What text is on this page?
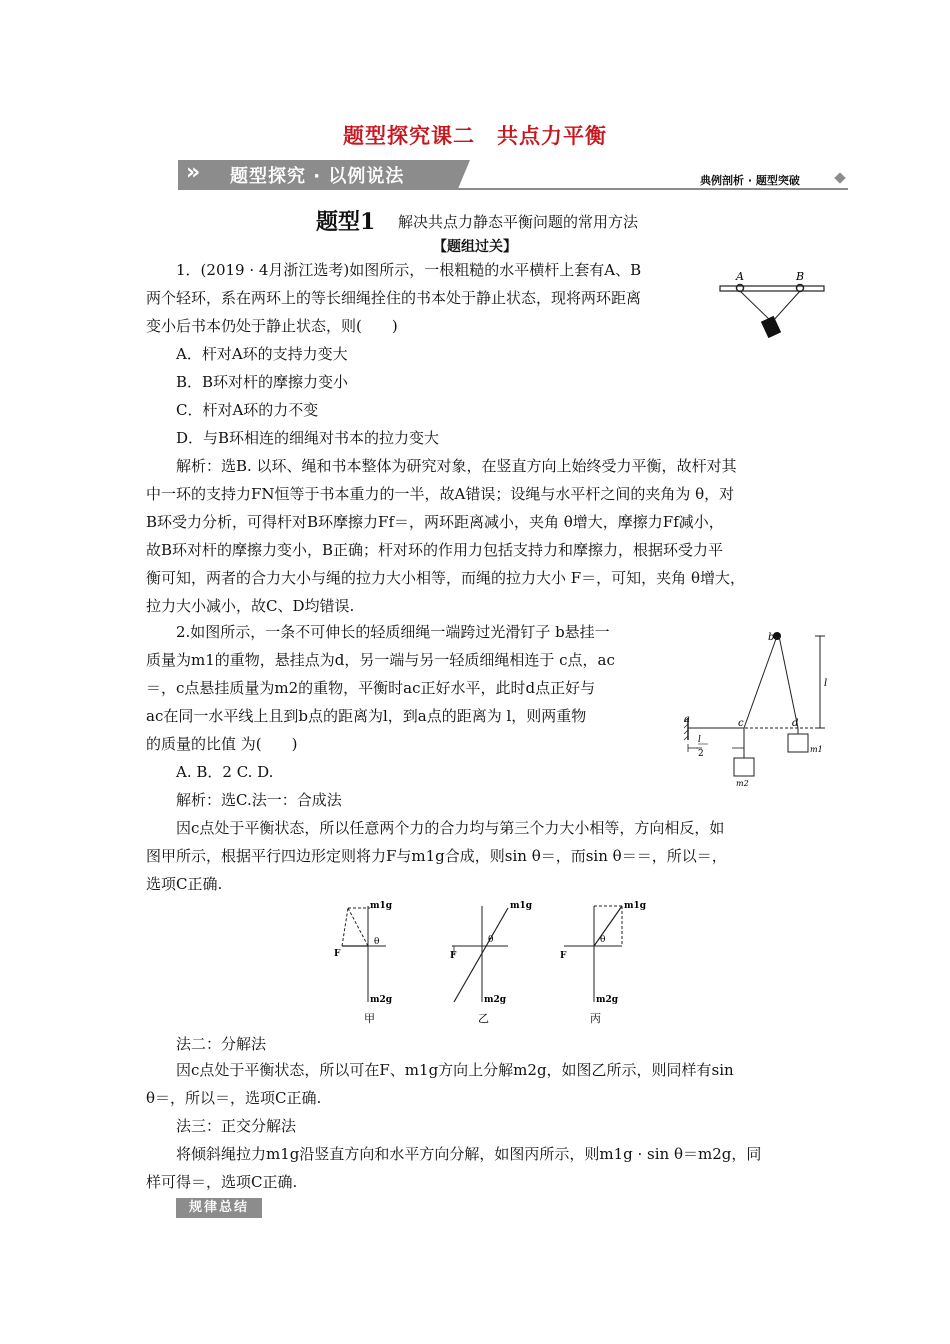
题型探究课二　共点力平衡
» 题型探究 · 以例说法	典例剖析 · 题型突破
题型1 解决共点力静态平衡问题的常用方法
【题组过关】
1．(2019 · 4月浙江选考)如图所示，一根粗糙的水平横杆上套有A、B
两个轻环，系在两环上的等长细绳拴住的书本处于静止状态，现将两环距离
变小后书本仍处于静止状态，则(　　)
A．杆对A环的支持力变大
B．B环对杆的摩擦力变小
C．杆对A环的力不变
D．与B环相连的细绳对书本的拉力变大
解析：选B. 以环、绳和书本整体为研究对象，在竖直方向上始终受力平衡，故杆对其
中一环的支持力FN恒等于书本重力的一半，故A错误；设绳与水平杆之间的夹角为 θ，对
B环受力分析，可得杆对B环摩擦力Ff＝，两环距离减小，夹角 θ增大，摩擦力Ff减小，
故B环对杆的摩擦力变小，B正确；杆对环的作用力包括支持力和摩擦力，根据环受力平
衡可知，两者的合力大小与绳的拉力大小相等，而绳的拉力大小 F＝，可知，夹角 θ增大，
拉力大小减小，故C、D均错误.
A	B
2.如图所示，一条不可伸长的轻质细绳一端跨过光滑钉子 b悬挂一
质量为m1的重物，悬挂点为d，另一端与另一轻质细绳相连于 c点，ac
＝，c点悬挂质量为m2的重物，平衡时ac正好水平，此时d点正好与
ac在同一水平线上且到b点的距离为l，到a点的距离为 l，则两重物
的质量的比值 为(　　)
A. B．2 C. D.
解析：选C.法一：合成法
因c点处于平衡状态，所以任意两个力的合力均与第三个力大小相等，方向相反，如
图甲所示，根据平行四边形定则将力F与m1g合成，则sin θ＝，而sin θ＝＝，所以＝，
选项C正确.
b
l
a	c	d
l
2	m1
m2
m1g
m2g
F
θ
甲
m1g
m2g
F
θ
乙
m1g
m2g
F
θ
丙
法二：分解法
因c点处于平衡状态，所以可在F、m1g方向上分解m2g，如图乙所示，则同样有sin
θ＝，所以＝，选项C正确.
法三：正交分解法
将倾斜绳拉力m1g沿竖直方向和水平方向分解，如图丙所示，则m1g · sin θ＝m2g，同
样可得＝，选项C正确.
规律总结
